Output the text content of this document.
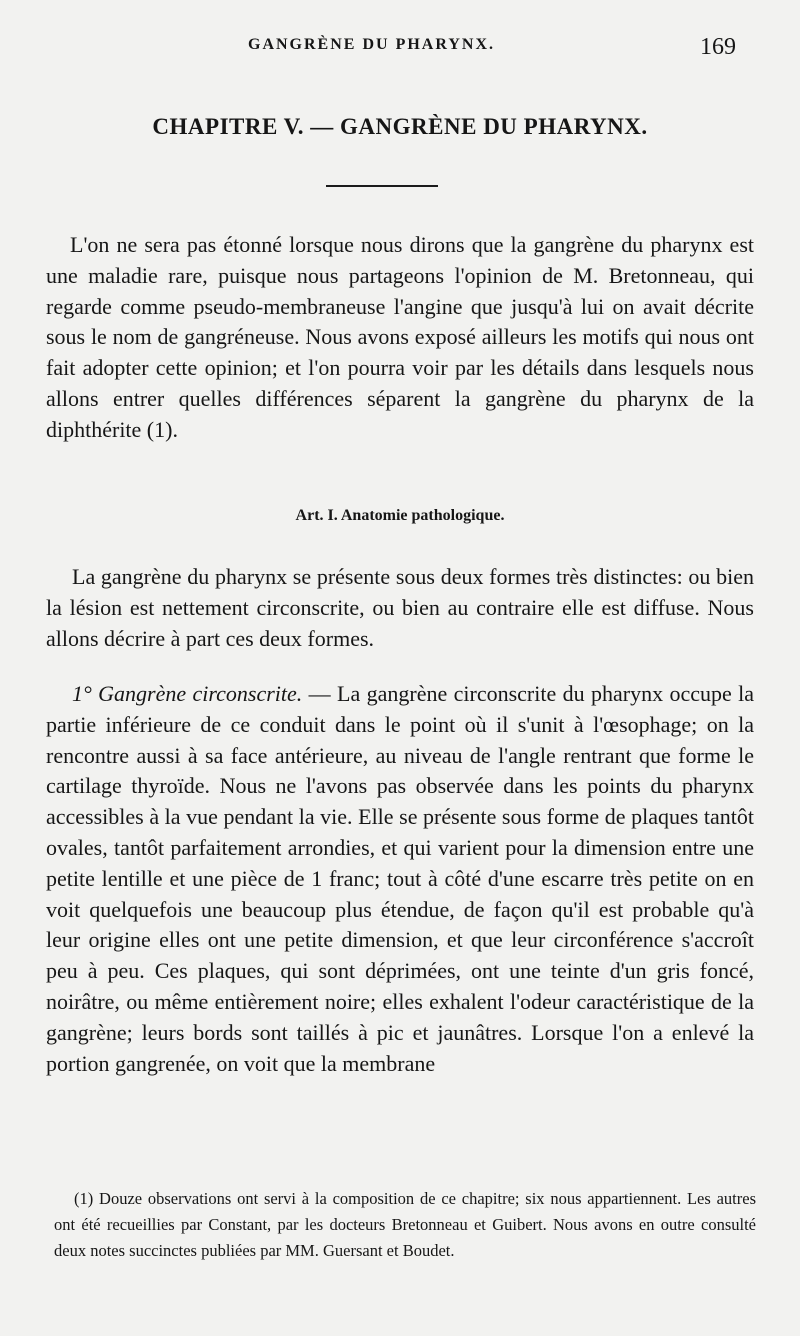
GANGRÈNE DU PHARYNX.	169
CHAPITRE V. — GANGRÈNE DU PHARYNX.

L'on ne sera pas étonné lorsque nous dirons que la gangrène du pharynx est une maladie rare, puisque nous partageons l'opinion de M. Bretonneau, qui regarde comme pseudo-membraneuse l'angine que jusqu'à lui on avait décrite sous le nom de gangréneuse. Nous avons exposé ailleurs les motifs qui nous ont fait adopter cette opinion; et l'on pourra voir par les détails dans lesquels nous allons entrer quelles différences séparent la gangrène du pharynx de la diphthérite (1).

Art. I. Anatomie pathologique.

La gangrène du pharynx se présente sous deux formes très distinctes: ou bien la lésion est nettement circonscrite, ou bien au contraire elle est diffuse. Nous allons décrire à part ces deux formes.

1° Gangrène circonscrite. — La gangrène circonscrite du pharynx occupe la partie inférieure de ce conduit dans le point où il s'unit à l'œsophage; on la rencontre aussi à sa face antérieure, au niveau de l'angle rentrant que forme le cartilage thyroïde. Nous ne l'avons pas observée dans les points du pharynx accessibles à la vue pendant la vie. Elle se présente sous forme de plaques tantôt ovales, tantôt parfaitement arrondies, et qui varient pour la dimension entre une petite lentille et une pièce de 1 franc; tout à côté d'une escarre très petite on en voit quelquefois une beaucoup plus étendue, de façon qu'il est probable qu'à leur origine elles ont une petite dimension, et que leur circonférence s'accroît peu à peu. Ces plaques, qui sont déprimées, ont une teinte d'un gris foncé, noirâtre, ou même entièrement noire; elles exhalent l'odeur caractéristique de la gangrène; leurs bords sont taillés à pic et jaunâtres. Lorsque l'on a enlevé la portion gangrenée, on voit que la membrane

(1) Douze observations ont servi à la composition de ce chapitre; six nous appartiennent. Les autres ont été recueillies par Constant, par les docteurs Bretonneau et Guibert. Nous avons en outre consulté deux notes succinctes publiées par MM. Guersant et Boudet.
